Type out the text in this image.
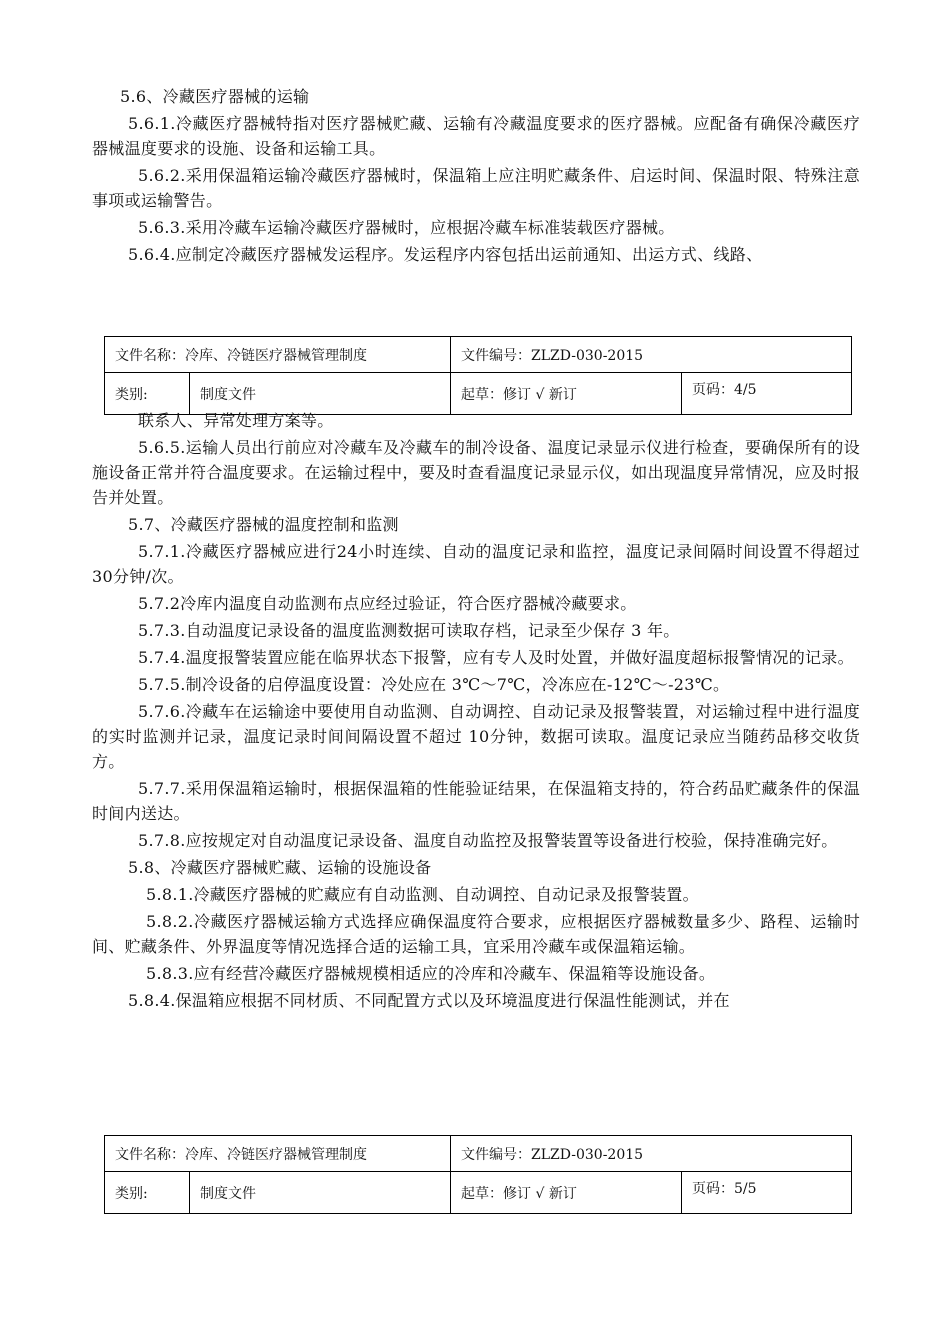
5.6、冷藏医疗器械的运输

5.6.1.冷藏医疗器械特指对医疗器械贮藏、运输有冷藏温度要求的医疗器械。应配备有确保冷藏医疗器械温度要求的设施、设备和运输工具。

5.6.2.采用保温箱运输冷藏医疗器械时，保温箱上应注明贮藏条件、启运时间、保温时限、特殊注意事项或运输警告。

5.6.3.采用冷藏车运输冷藏医疗器械时，应根据冷藏车标准装载医疗器械。

5.6.4.应制定冷藏医疗器械发运程序。发运程序内容包括出运前通知、出运方式、线路、

文件名称：冷库、冷链医疗器械管理制度		文件编号：ZLZD-030-2015	
类别:	制度文件	起草：修订 √ 新订	页码：4/5

联系人、异常处理方案等。

5.6.5.运输人员出行前应对冷藏车及冷藏车的制冷设备、温度记录显示仪进行检查，要确保所有的设施设备正常并符合温度要求。在运输过程中，要及时查看温度记录显示仪，如出现温度异常情况，应及时报告并处置。

5.7、冷藏医疗器械的温度控制和监测

5.7.1.冷藏医疗器械应进行24小时连续、自动的温度记录和监控，温度记录间隔时间设置不得超过 30分钟/次。

5.7.2冷库内温度自动监测布点应经过验证，符合医疗器械冷藏要求。

5.7.3.自动温度记录设备的温度监测数据可读取存档，记录至少保存 3 年。

5.7.4.温度报警装置应能在临界状态下报警，应有专人及时处置，并做好温度超标报警情况的记录。

5.7.5.制冷设备的启停温度设置：冷处应在 3℃～7℃，冷冻应在-12℃～-23℃。

5.7.6.冷藏车在运输途中要使用自动监测、自动调控、自动记录及报警装置，对运输过程中进行温度的实时监测并记录，温度记录时间间隔设置不超过 10分钟，数据可读取。温度记录应当随药品移交收货方。

5.7.7.采用保温箱运输时，根据保温箱的性能验证结果，在保温箱支持的，符合药品贮藏条件的保温时间内送达。

5.7.8.应按规定对自动温度记录设备、温度自动监控及报警装置等设备进行校验，保持准确完好。

5.8、冷藏医疗器械贮藏、运输的设施设备

5.8.1.冷藏医疗器械的贮藏应有自动监测、自动调控、自动记录及报警装置。

5.8.2.冷藏医疗器械运输方式选择应确保温度符合要求，应根据医疗器械数量多少、路程、运输时间、贮藏条件、外界温度等情况选择合适的运输工具，宜采用冷藏车或保温箱运输。

5.8.3.应有经营冷藏医疗器械规模相适应的冷库和冷藏车、保温箱等设施设备。

5.8.4.保温箱应根据不同材质、不同配置方式以及环境温度进行保温性能测试，并在

文件名称：冷库、冷链医疗器械管理制度		文件编号：ZLZD-030-2015	
类别:	制度文件	起草：修订 √ 新订	页码：5/5
